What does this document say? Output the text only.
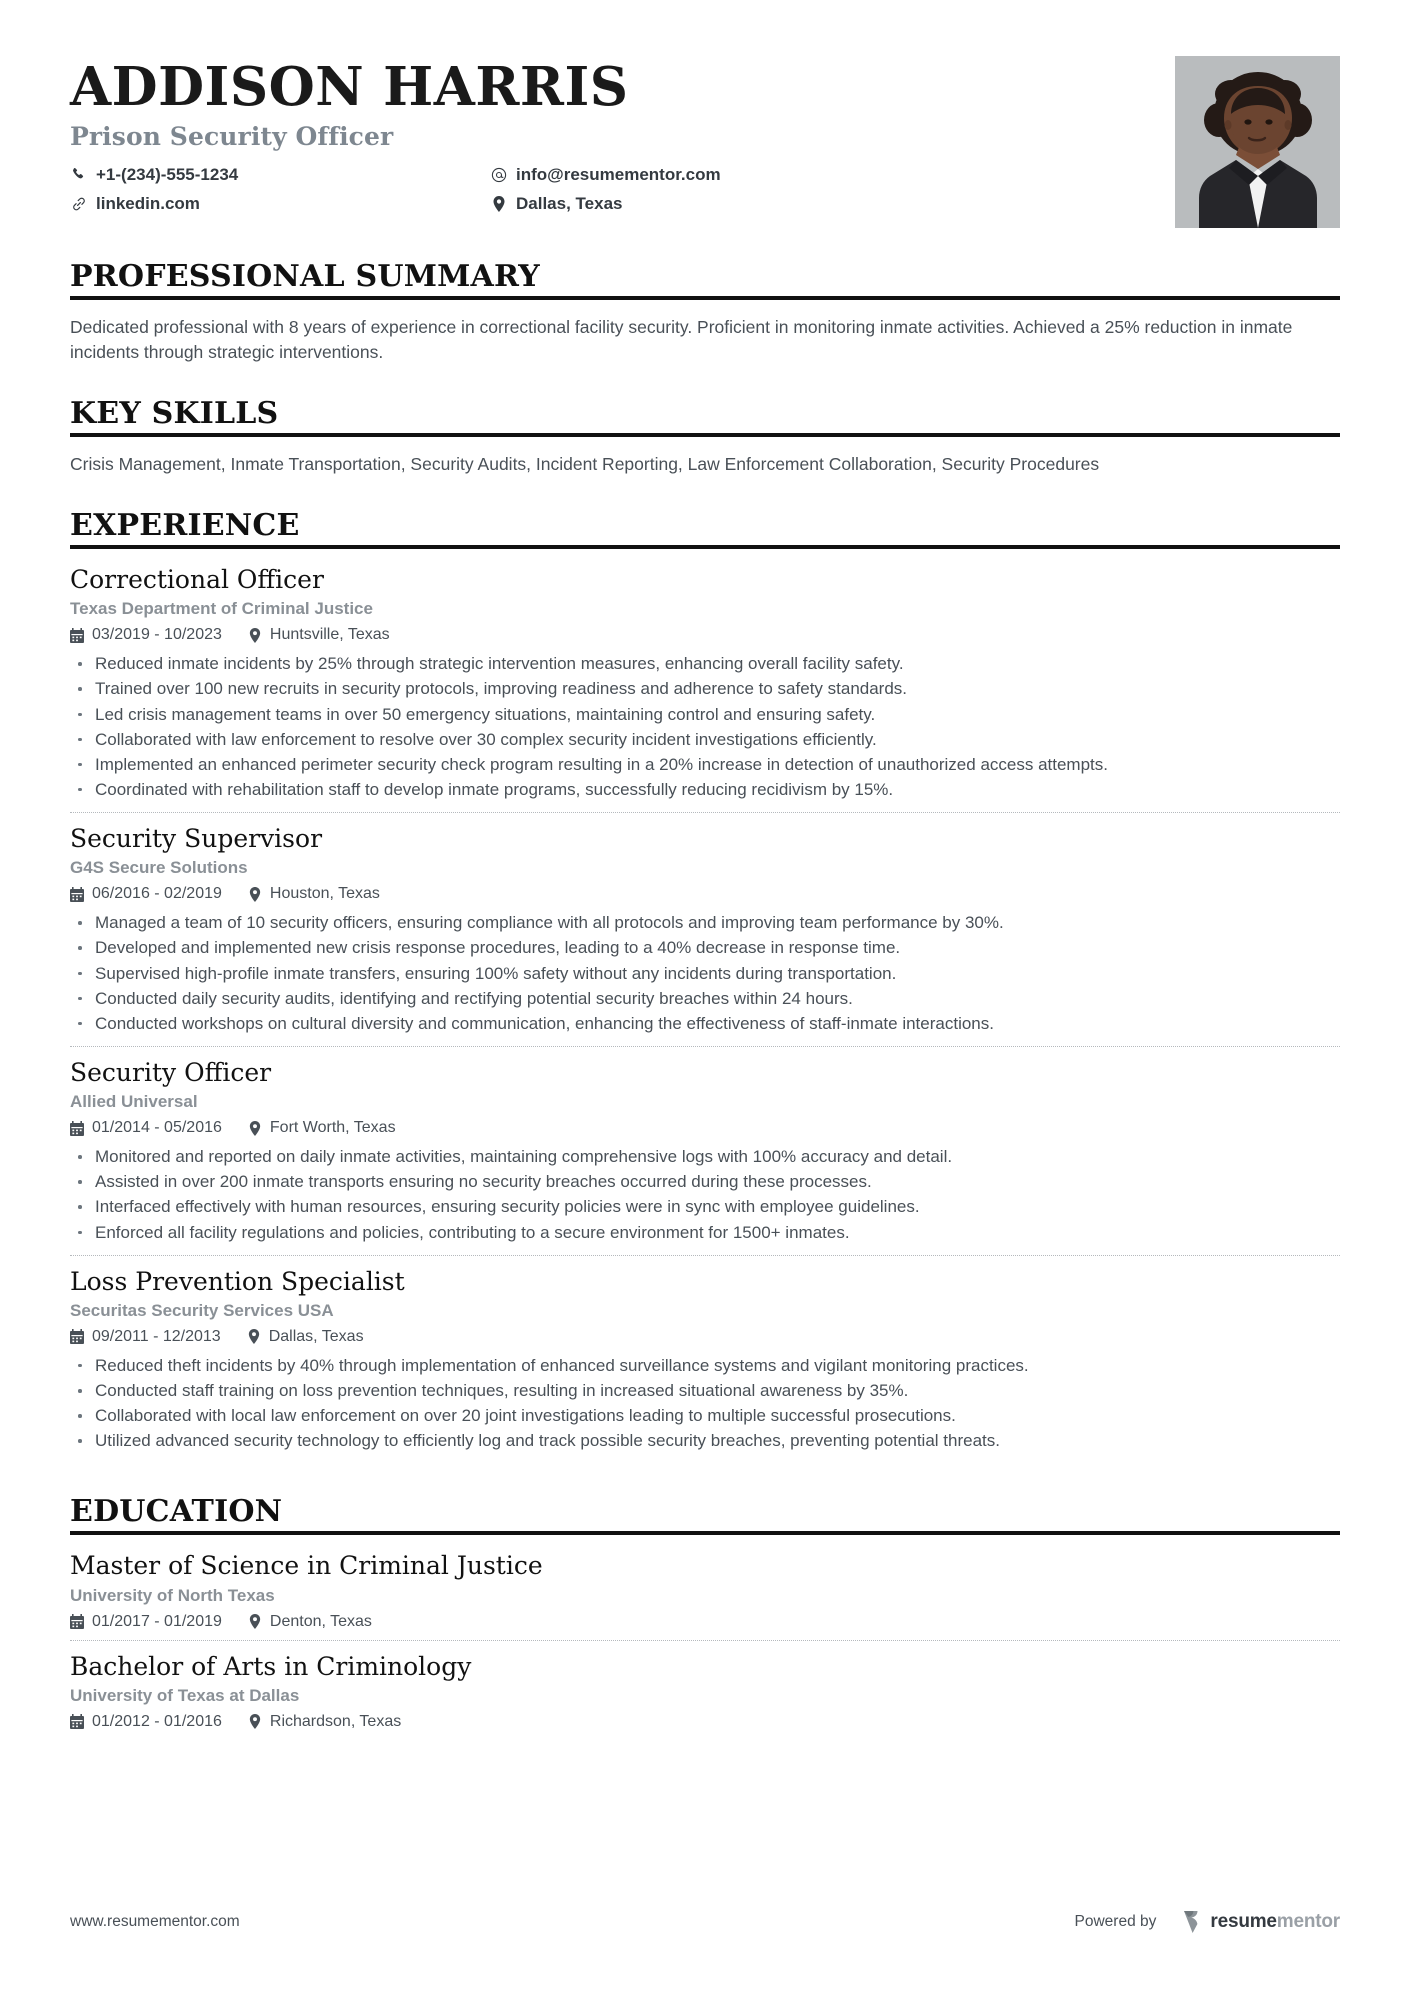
ADDISON HARRIS
Prison Security Officer
+1-(234)-555-1234	info@resumementor.com
linkedin.com	Dallas, Texas
PROFESSIONAL SUMMARY

Dedicated professional with 8 years of experience in correctional facility security. Proficient in monitoring inmate activities. Achieved a 25% reduction in inmate incidents through strategic interventions.

KEY SKILLS

Crisis Management, Inmate Transportation, Security Audits, Incident Reporting, Law Enforcement Collaboration, Security Procedures

EXPERIENCE
Correctional Officer
Texas Department of Criminal Justice
03/2019 - 10/2023	Huntsville, Texas
Reduced inmate incidents by 25% through strategic intervention measures, enhancing overall facility safety.
Trained over 100 new recruits in security protocols, improving readiness and adherence to safety standards.
Led crisis management teams in over 50 emergency situations, maintaining control and ensuring safety.
Collaborated with law enforcement to resolve over 30 complex security incident investigations efficiently.
Implemented an enhanced perimeter security check program resulting in a 20% increase in detection of unauthorized access attempts.
Coordinated with rehabilitation staff to develop inmate programs, successfully reducing recidivism by 15%.
Security Supervisor
G4S Secure Solutions
06/2016 - 02/2019	Houston, Texas
Managed a team of 10 security officers, ensuring compliance with all protocols and improving team performance by 30%.
Developed and implemented new crisis response procedures, leading to a 40% decrease in response time.
Supervised high-profile inmate transfers, ensuring 100% safety without any incidents during transportation.
Conducted daily security audits, identifying and rectifying potential security breaches within 24 hours.
Conducted workshops on cultural diversity and communication, enhancing the effectiveness of staff-inmate interactions.
Security Officer
Allied Universal
01/2014 - 05/2016	Fort Worth, Texas
Monitored and reported on daily inmate activities, maintaining comprehensive logs with 100% accuracy and detail.
Assisted in over 200 inmate transports ensuring no security breaches occurred during these processes.
Interfaced effectively with human resources, ensuring security policies were in sync with employee guidelines.
Enforced all facility regulations and policies, contributing to a secure environment for 1500+ inmates.
Loss Prevention Specialist
Securitas Security Services USA
09/2011 - 12/2013	Dallas, Texas
Reduced theft incidents by 40% through implementation of enhanced surveillance systems and vigilant monitoring practices.
Conducted staff training on loss prevention techniques, resulting in increased situational awareness by 35%.
Collaborated with local law enforcement on over 20 joint investigations leading to multiple successful prosecutions.
Utilized advanced security technology to efficiently log and track possible security breaches, preventing potential threats.
EDUCATION
Master of Science in Criminal Justice
University of North Texas
01/2017 - 01/2019	Denton, Texas
Bachelor of Arts in Criminology
University of Texas at Dallas
01/2012 - 01/2016	Richardson, Texas
www.resumementor.com	Powered by	resumementor
